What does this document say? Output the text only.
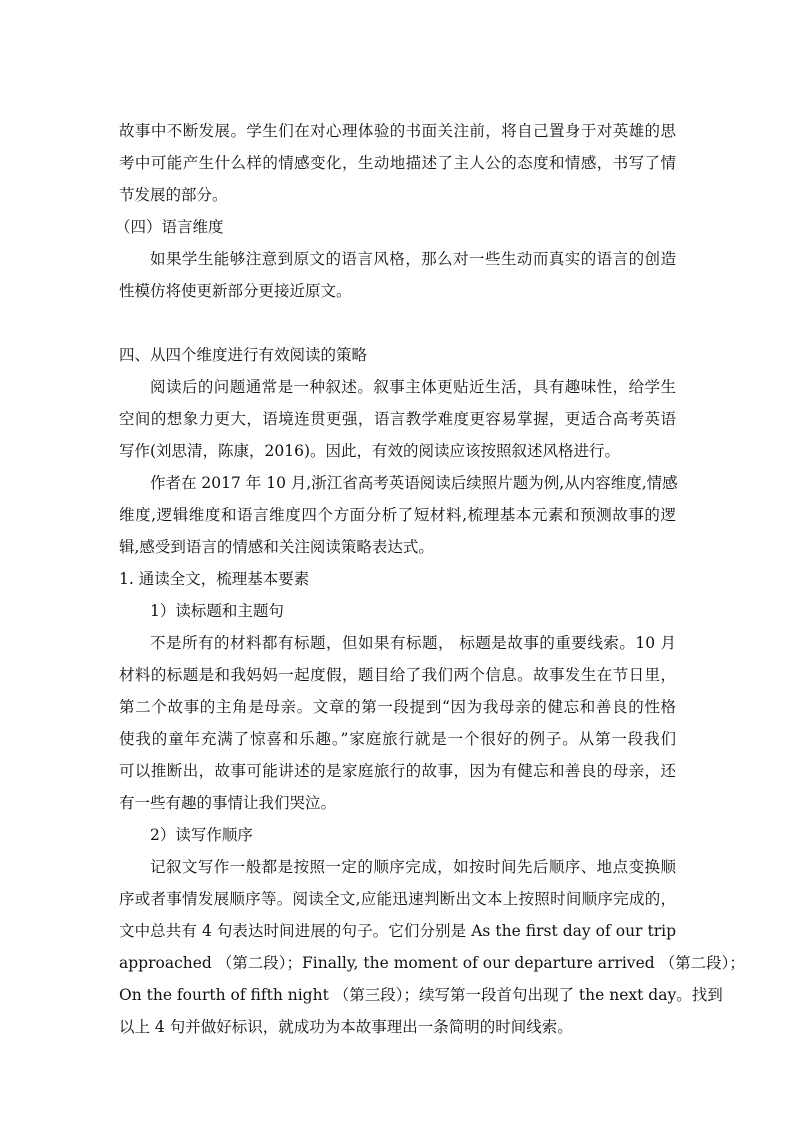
故事中不断发展。学生们在对心理体验的书面关注前，将自己置身于对英雄的思
考中可能产生什么样的情感变化，生动地描述了主人公的态度和情感，书写了情
节发展的部分。
（四）语言维度
如果学生能够注意到原文的语言风格，那么对一些生动而真实的语言的创造
性模仿将使更新部分更接近原文。
四、从四个维度进行有效阅读的策略
阅读后的问题通常是一种叙述。叙事主体更贴近生活，具有趣味性，给学生
空间的想象力更大，语境连贯更强，语言教学难度更容易掌握，更适合高考英语
写作(刘思清，陈康，2016)。因此，有效的阅读应该按照叙述风格进行。
作者在 2017 年 10 月,浙江省高考英语阅读后续照片题为例,从内容维度,情感
维度,逻辑维度和语言维度四个方面分析了短材料,梳理基本元素和预测故事的逻
辑,感受到语言的情感和关注阅读策略表达式。
1. 通读全文，梳理基本要素
1）读标题和主题句
不是所有的材料都有标题，但如果有标题， 标题是故事的重要线索。10 月
材料的标题是和我妈妈一起度假，题目给了我们两个信息。故事发生在节日里，
第二个故事的主角是母亲。文章的第一段提到“因为我母亲的健忘和善良的性格
使我的童年充满了惊喜和乐趣。”家庭旅行就是一个很好的例子。从第一段我们
可以推断出，故事可能讲述的是家庭旅行的故事，因为有健忘和善良的母亲，还
有一些有趣的事情让我们哭泣。
2）读写作顺序
记叙文写作一般都是按照一定的顺序完成，如按时间先后顺序、地点变换顺
序或者事情发展顺序等。阅读全文,应能迅速判断出文本上按照时间顺序完成的，
文中总共有 4 句表达时间进展的句子。它们分别是 As the first day of our trip
approached （第二段）；Finally, the moment of our departure arrived （第二段）；
On the fourth of fifth night （第三段）；续写第一段首句出现了 the next day。找到
以上 4 句并做好标识，就成功为本故事理出一条简明的时间线索。
